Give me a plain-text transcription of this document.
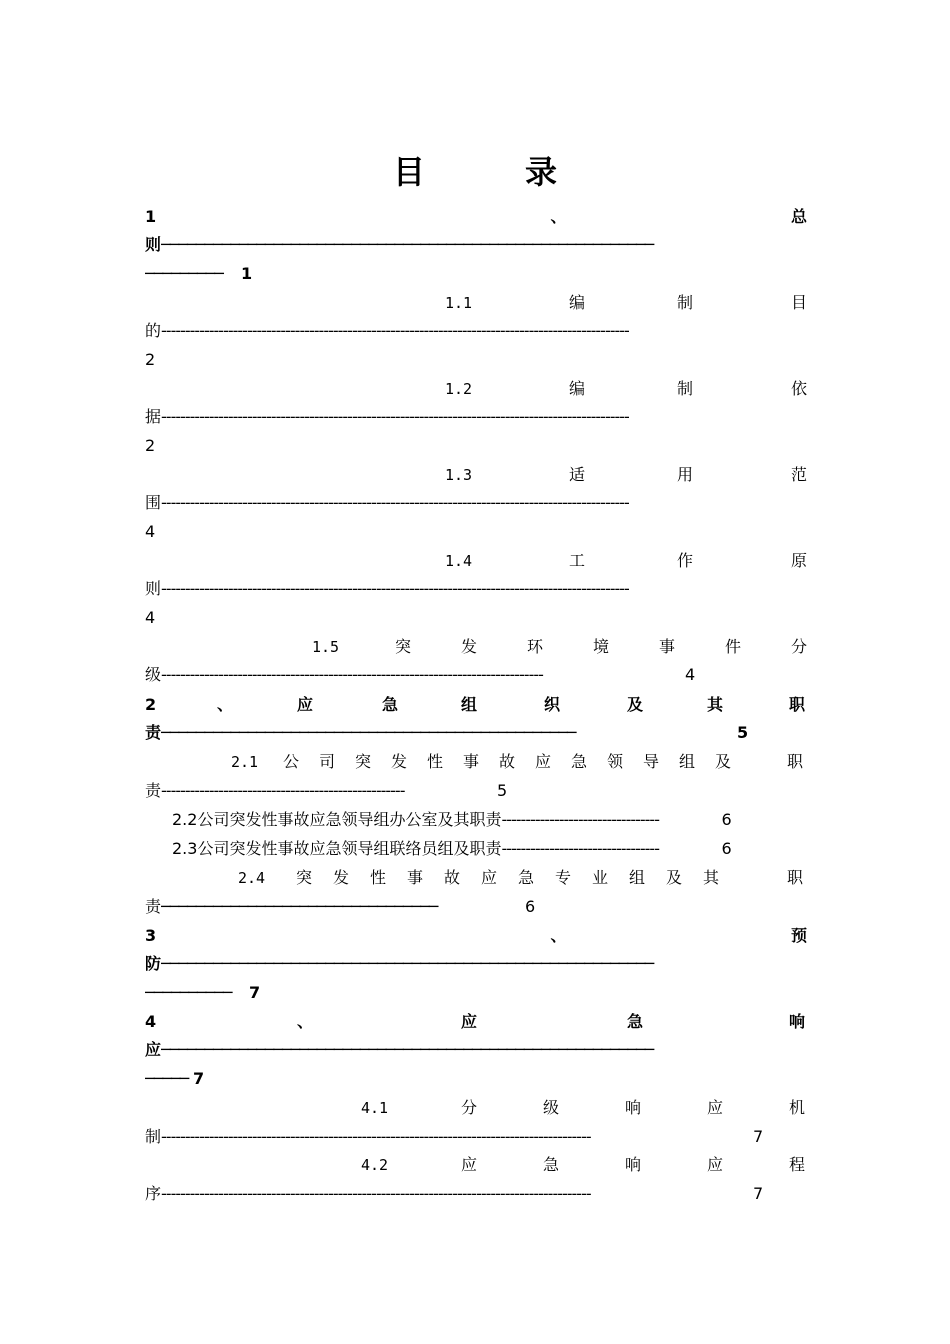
目	录
1	、	总
则 ─────────────────────────────────────────────────────────
─────────	1
1.1	编	制	目
的 --------------------------------------------------------------------------------------------------
2
1.2	编	制	依
据 --------------------------------------------------------------------------------------------------
2
1.3	适	用	范
围 --------------------------------------------------------------------------------------------------
4
1.4	工	作	原
则 --------------------------------------------------------------------------------------------------
4
1.5	突	发	环	境	事	件	分
级 --------------------------------------------------------------------------------	4
2	、	应	急	组	织	及	其	职
责 ────────────────────────────────────────────────	5
2.1 公 司 突 发 性 事 故 应 急 领 导 组 及	职
责 ---------------------------------------------------	5
2.2公司突发性事故应急领导组办公室及其职责 ---------------------------------	6
2.3公司突发性事故应急领导组联络员组及职责 ---------------------------------	6
2.4 突 发 性 事 故 应 急 专 业 组 及 其	职
责 ────────────────────────────────	6
3	、	预
防 ─────────────────────────────────────────────────────────
──────────	7
4	、	应	急	响
应 ─────────────────────────────────────────────────────────
───── 7
4.1	分	级	响	应	机
制 ------------------------------------------------------------------------------------------	7
4.2	应	急	响	应	程
序 ------------------------------------------------------------------------------------------	7
